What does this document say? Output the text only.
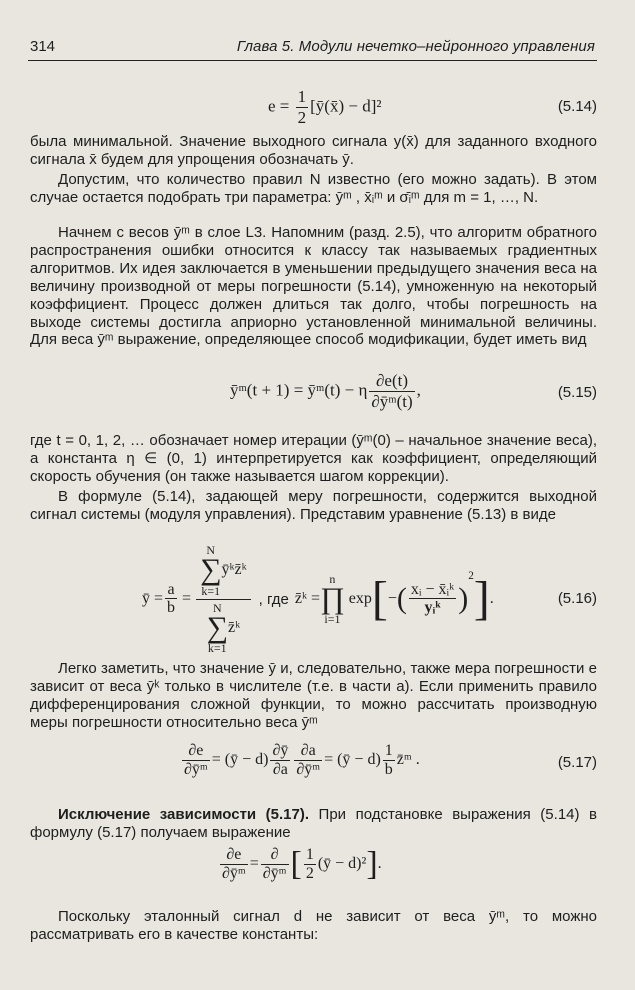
314	Глава 5. Модули нечетко–нейронного управления
$e = \frac{1}{2}$ [ȳ(x̄) − d]²	(5.14)
была минимальной. Значение выходного сигнала y(x̄) для заданного входного сигнала x̄ будем для упрощения обозначать ȳ.
Допустим, что количество правил N известно (его можно задать). В этом случае остается подобрать три параметра: ȳᵐ , x̄ᵢᵐ и σ̄ᵢᵐ для m = 1, …, N.
Начнем с весов ȳᵐ в слое L3. Напомним (разд. 2.5), что алгоритм обратного распространения ошибки относится к классу так называемых градиентных алгоритмов. Их идея заключается в уменьшении предыдущего значения веса на величину производной от меры погрешности (5.14), умноженную на некоторый коэффициент. Процесс должен длиться так долго, чтобы погрешность на выходе системы достигла априорно установленной минимальной величины. Для веса ȳᵐ выражение, определяющее способ модификации, будет иметь вид
ȳᵐ(t + 1) = ȳᵐ(t) − η $\frac{\partial e(t)}{\text{∂ȳᵐ(t)}}$ ,	(5.15)
где t = 0, 1, 2, … обозначает номер итерации (ȳᵐ(0) – начальное значение веса), а константа η ∈ (0, 1) интерпретируется как коэффициент, определяющий скорость обучения (он также называется шагом коррекции).
В формуле (5.14), задающей меру погрешности, содержится выходной сигнал системы (модуля управления). Представим уравнение (5.13) в виде
ȳ = $\frac{a}{b} = N$
∑
k=1ȳᵏz̄ᵏ
N
∑
k=1z̄ᵏ , где z̄ᵏ =
n
∏
i=1
exp [ − ( $\frac{\text{xᵢ − x̄ᵢᵏ}}{\text{yᵢᵏ}}$ )
2 ] .	(5.16)
Легко заметить, что значение ȳ и, следовательно, также мера погрешности e зависит от веса ȳᵏ только в числителе (т.е. в части a). Если применить правило дифференцирования сложной функции, то можно рассчитать производную меры погрешности относительно веса ȳᵐ
$\frac{\partial e}{\text{∂ȳᵐ}}$ = (ȳ − $d) \frac{\partial ȳ}{\partial a} \frac{\partial a}{\text{∂ȳᵐ}}$ = (ȳ − $d) \frac{1}{b}$ z̄ᵐ .	(5.17)
Исключение зависимости (5.17). При подстановке выражения (5.14) в формулу (5.17) получаем выражение
$\frac{\partial e}{\text{∂ȳᵐ}} = \frac{\partial}{\text{∂ȳᵐ}}$ [ $\frac{1}{2}$ (ȳ − d)²].
Поскольку эталонный сигнал d не зависит от веса ȳᵐ, то можно рассматривать его в качестве константы:
